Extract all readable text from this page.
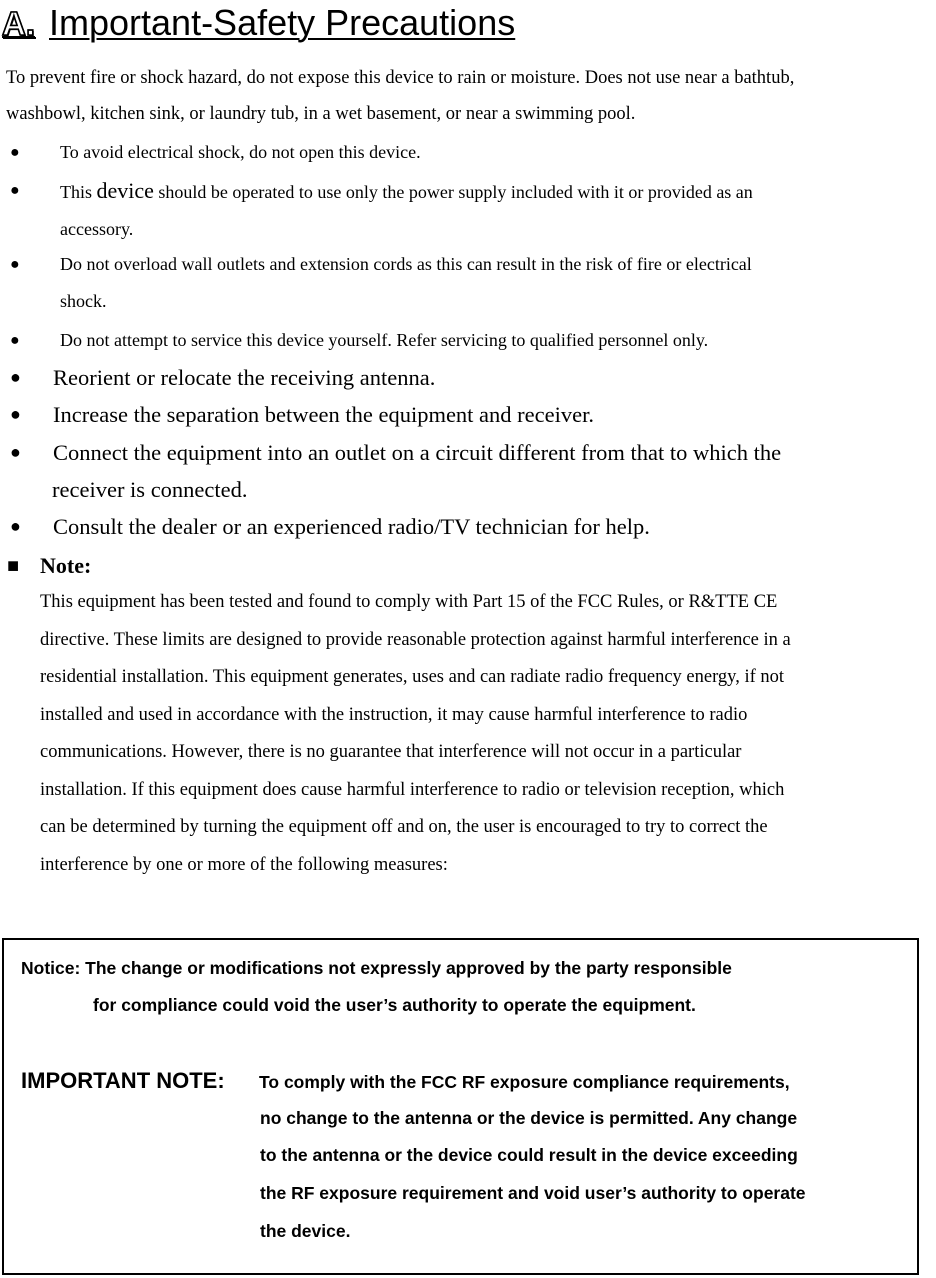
A. Important-Safety Precautions
To prevent fire or shock hazard, do not expose this device to rain or moisture. Does not use near a bathtub,
washbowl, kitchen sink, or laundry tub, in a wet basement, or near a swimming pool.
● To avoid electrical shock, do not open this device.
● This device should be operated to use only the power supply included with it or provided as an
accessory.
● Do not overload wall outlets and extension cords as this can result in the risk of fire or electrical
shock.
● Do not attempt to service this device yourself. Refer servicing to qualified personnel only.
● Reorient or relocate the receiving antenna.
● Increase the separation between the equipment and receiver.
● Connect the equipment into an outlet on a circuit different from that to which the
receiver is connected.
● Consult the dealer or an experienced radio/TV technician for help.
■ Note:
This equipment has been tested and found to comply with Part 15 of the FCC Rules, or R&TTE CE
directive. These limits are designed to provide reasonable protection against harmful interference in a
residential installation. This equipment generates, uses and can radiate radio frequency energy, if not
installed and used in accordance with the instruction, it may cause harmful interference to radio
communications. However, there is no guarantee that interference will not occur in a particular
installation. If this equipment does cause harmful interference to radio or television reception, which
can be determined by turning the equipment off and on, the user is encouraged to try to correct the
interference by one or more of the following measures:
Notice: The change or modifications not expressly approved by the party responsible
for compliance could void the user’s authority to operate the equipment.
IMPORTANT NOTE: To comply with the FCC RF exposure compliance requirements,
no change to the antenna or the device is permitted. Any change
to the antenna or the device could result in the device exceeding
the RF exposure requirement and void user’s authority to operate
the device.
